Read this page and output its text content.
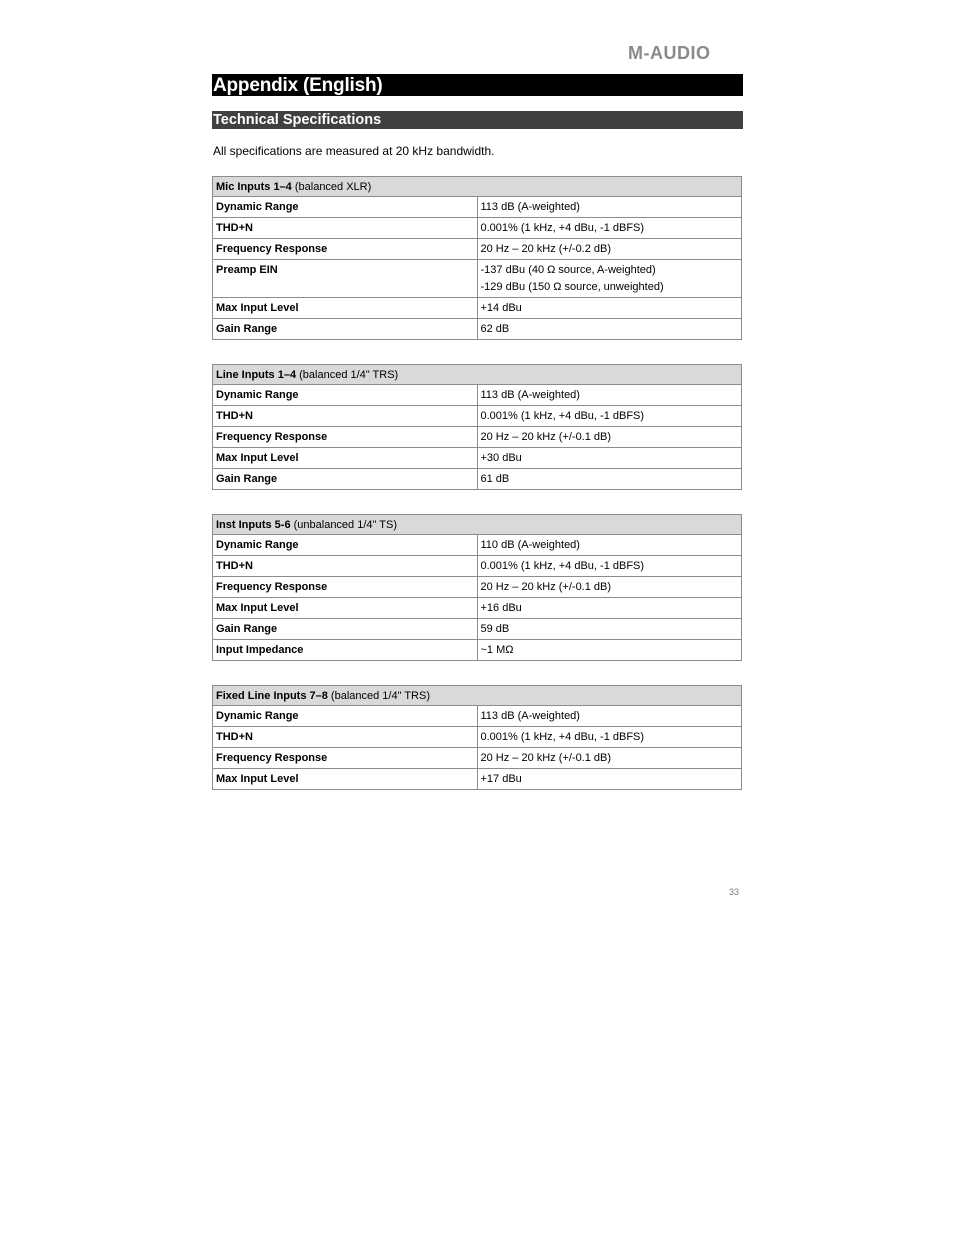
M-AUDIO
Appendix (English)
Technical Specifications
All specifications are measured at 20 kHz bandwidth.
Mic Inputs 1–4 (balanced XLR)	
Dynamic Range	113 dB (A-weighted)
THD+N	0.001% (1 kHz, +4 dBu, -1 dBFS)
Frequency Response	20 Hz – 20 kHz (+/-0.2 dB)
Preamp EIN	-137 dBu (40 Ω source, A-weighted)
-129 dBu (150 Ω source, unweighted)

Max Input Level	+14 dBu
Gain Range	62 dB
Line Inputs 1–4 (balanced 1/4" TRS)	
Dynamic Range	113 dB (A-weighted)
THD+N	0.001% (1 kHz, +4 dBu, -1 dBFS)
Frequency Response	20 Hz – 20 kHz (+/-0.1 dB)
Max Input Level	+30 dBu
Gain Range	61 dB
Inst Inputs 5-6 (unbalanced 1/4" TS)	
Dynamic Range	110 dB (A-weighted)
THD+N	0.001% (1 kHz, +4 dBu, -1 dBFS)
Frequency Response	20 Hz – 20 kHz (+/-0.1 dB)
Max Input Level	+16 dBu
Gain Range	59 dB
Input Impedance	~1 MΩ
Fixed Line Inputs 7–8 (balanced 1/4" TRS)	
Dynamic Range	113 dB (A-weighted)
THD+N	0.001% (1 kHz, +4 dBu, -1 dBFS)
Frequency Response	20 Hz – 20 kHz (+/-0.1 dB)
Max Input Level	+17 dBu
33
